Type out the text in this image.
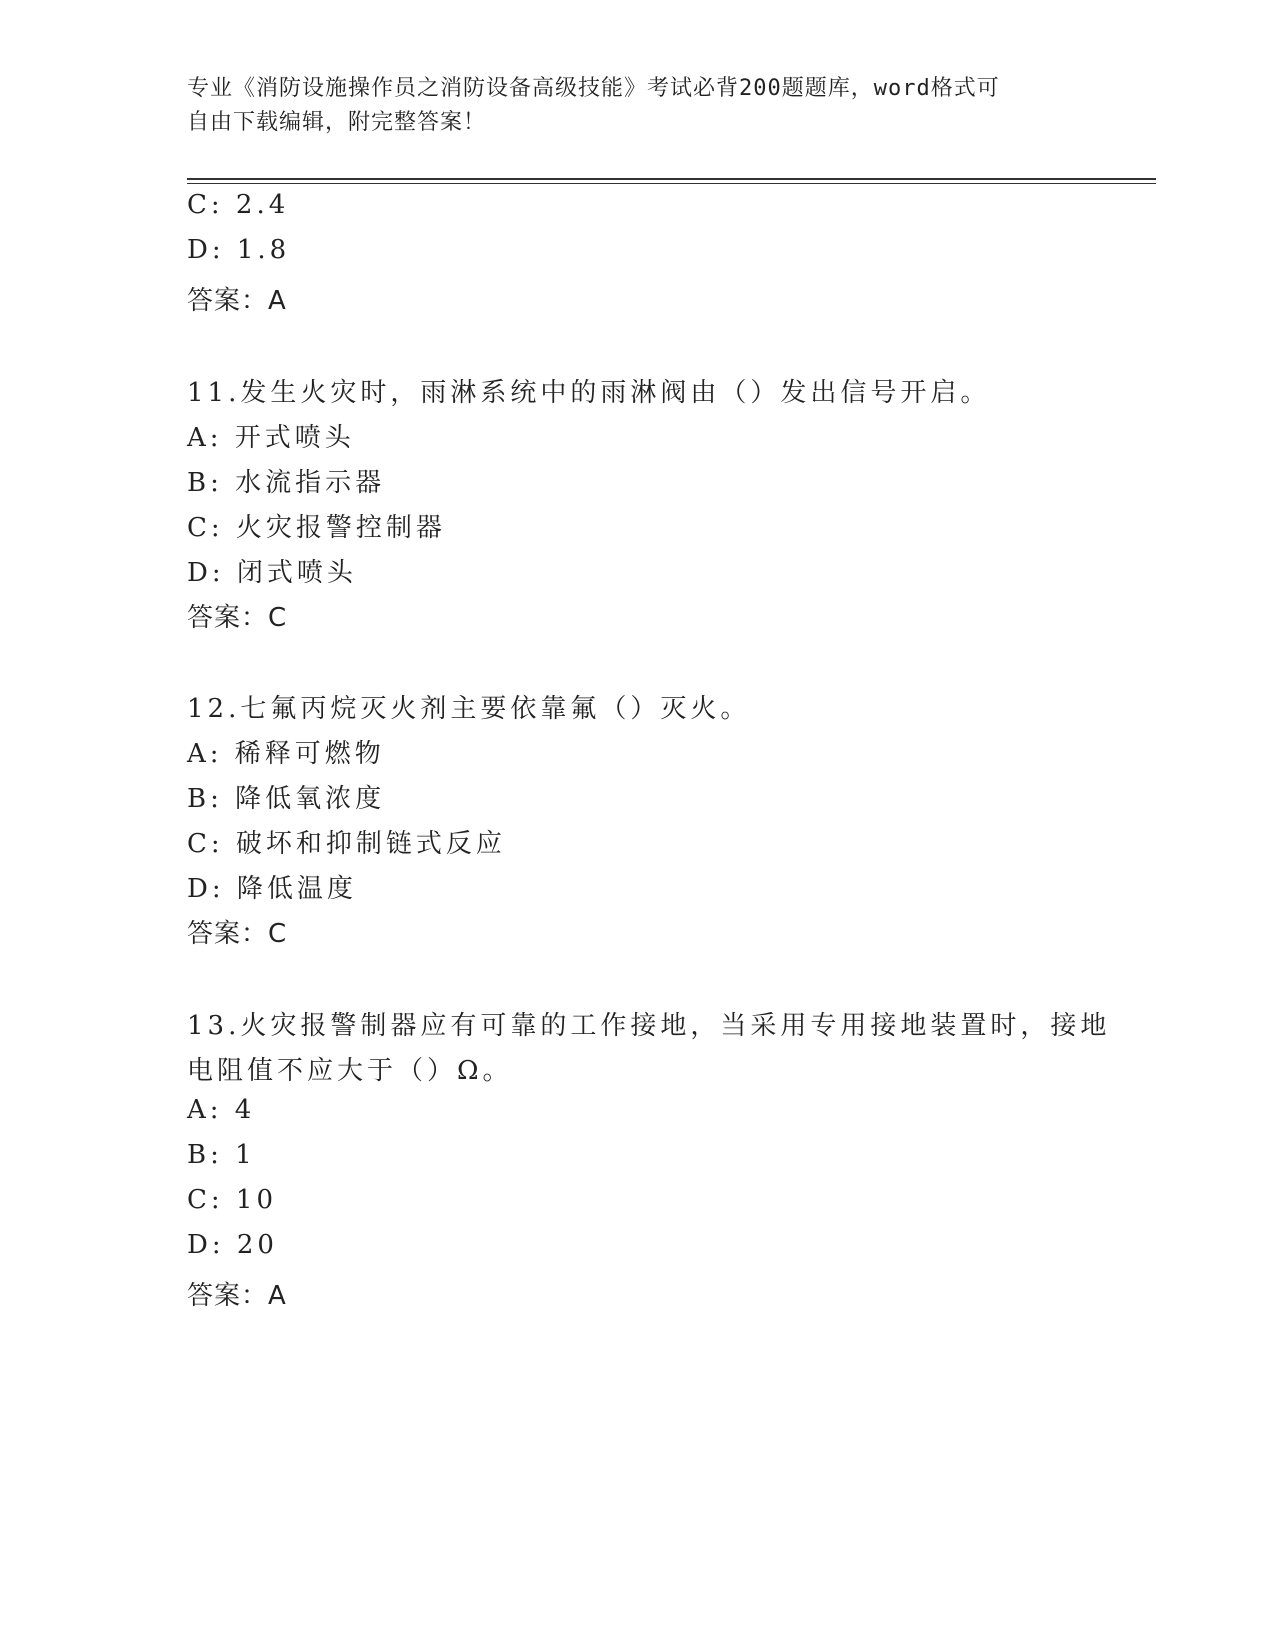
专业《消防设施操作员之消防设备高级技能》考试必背200题题库，word格式可
自由下载编辑，附完整答案！
C: 2.4
D: 1.8
答案：A
11.发生火灾时，雨淋系统中的雨淋阀由（）发出信号开启。
A: 开式喷头
B: 水流指示器
C: 火灾报警控制器
D: 闭式喷头
答案：C
12.七氟丙烷灭火剂主要依靠氟（）灭火。
A: 稀释可燃物
B: 降低氧浓度
C: 破坏和抑制链式反应
D: 降低温度
答案：C
13.火灾报警制器应有可靠的工作接地，当采用专用接地装置时，接地
电阻值不应大于（）Ω。
A: 4
B: 1
C: 10
D: 20
答案：A
